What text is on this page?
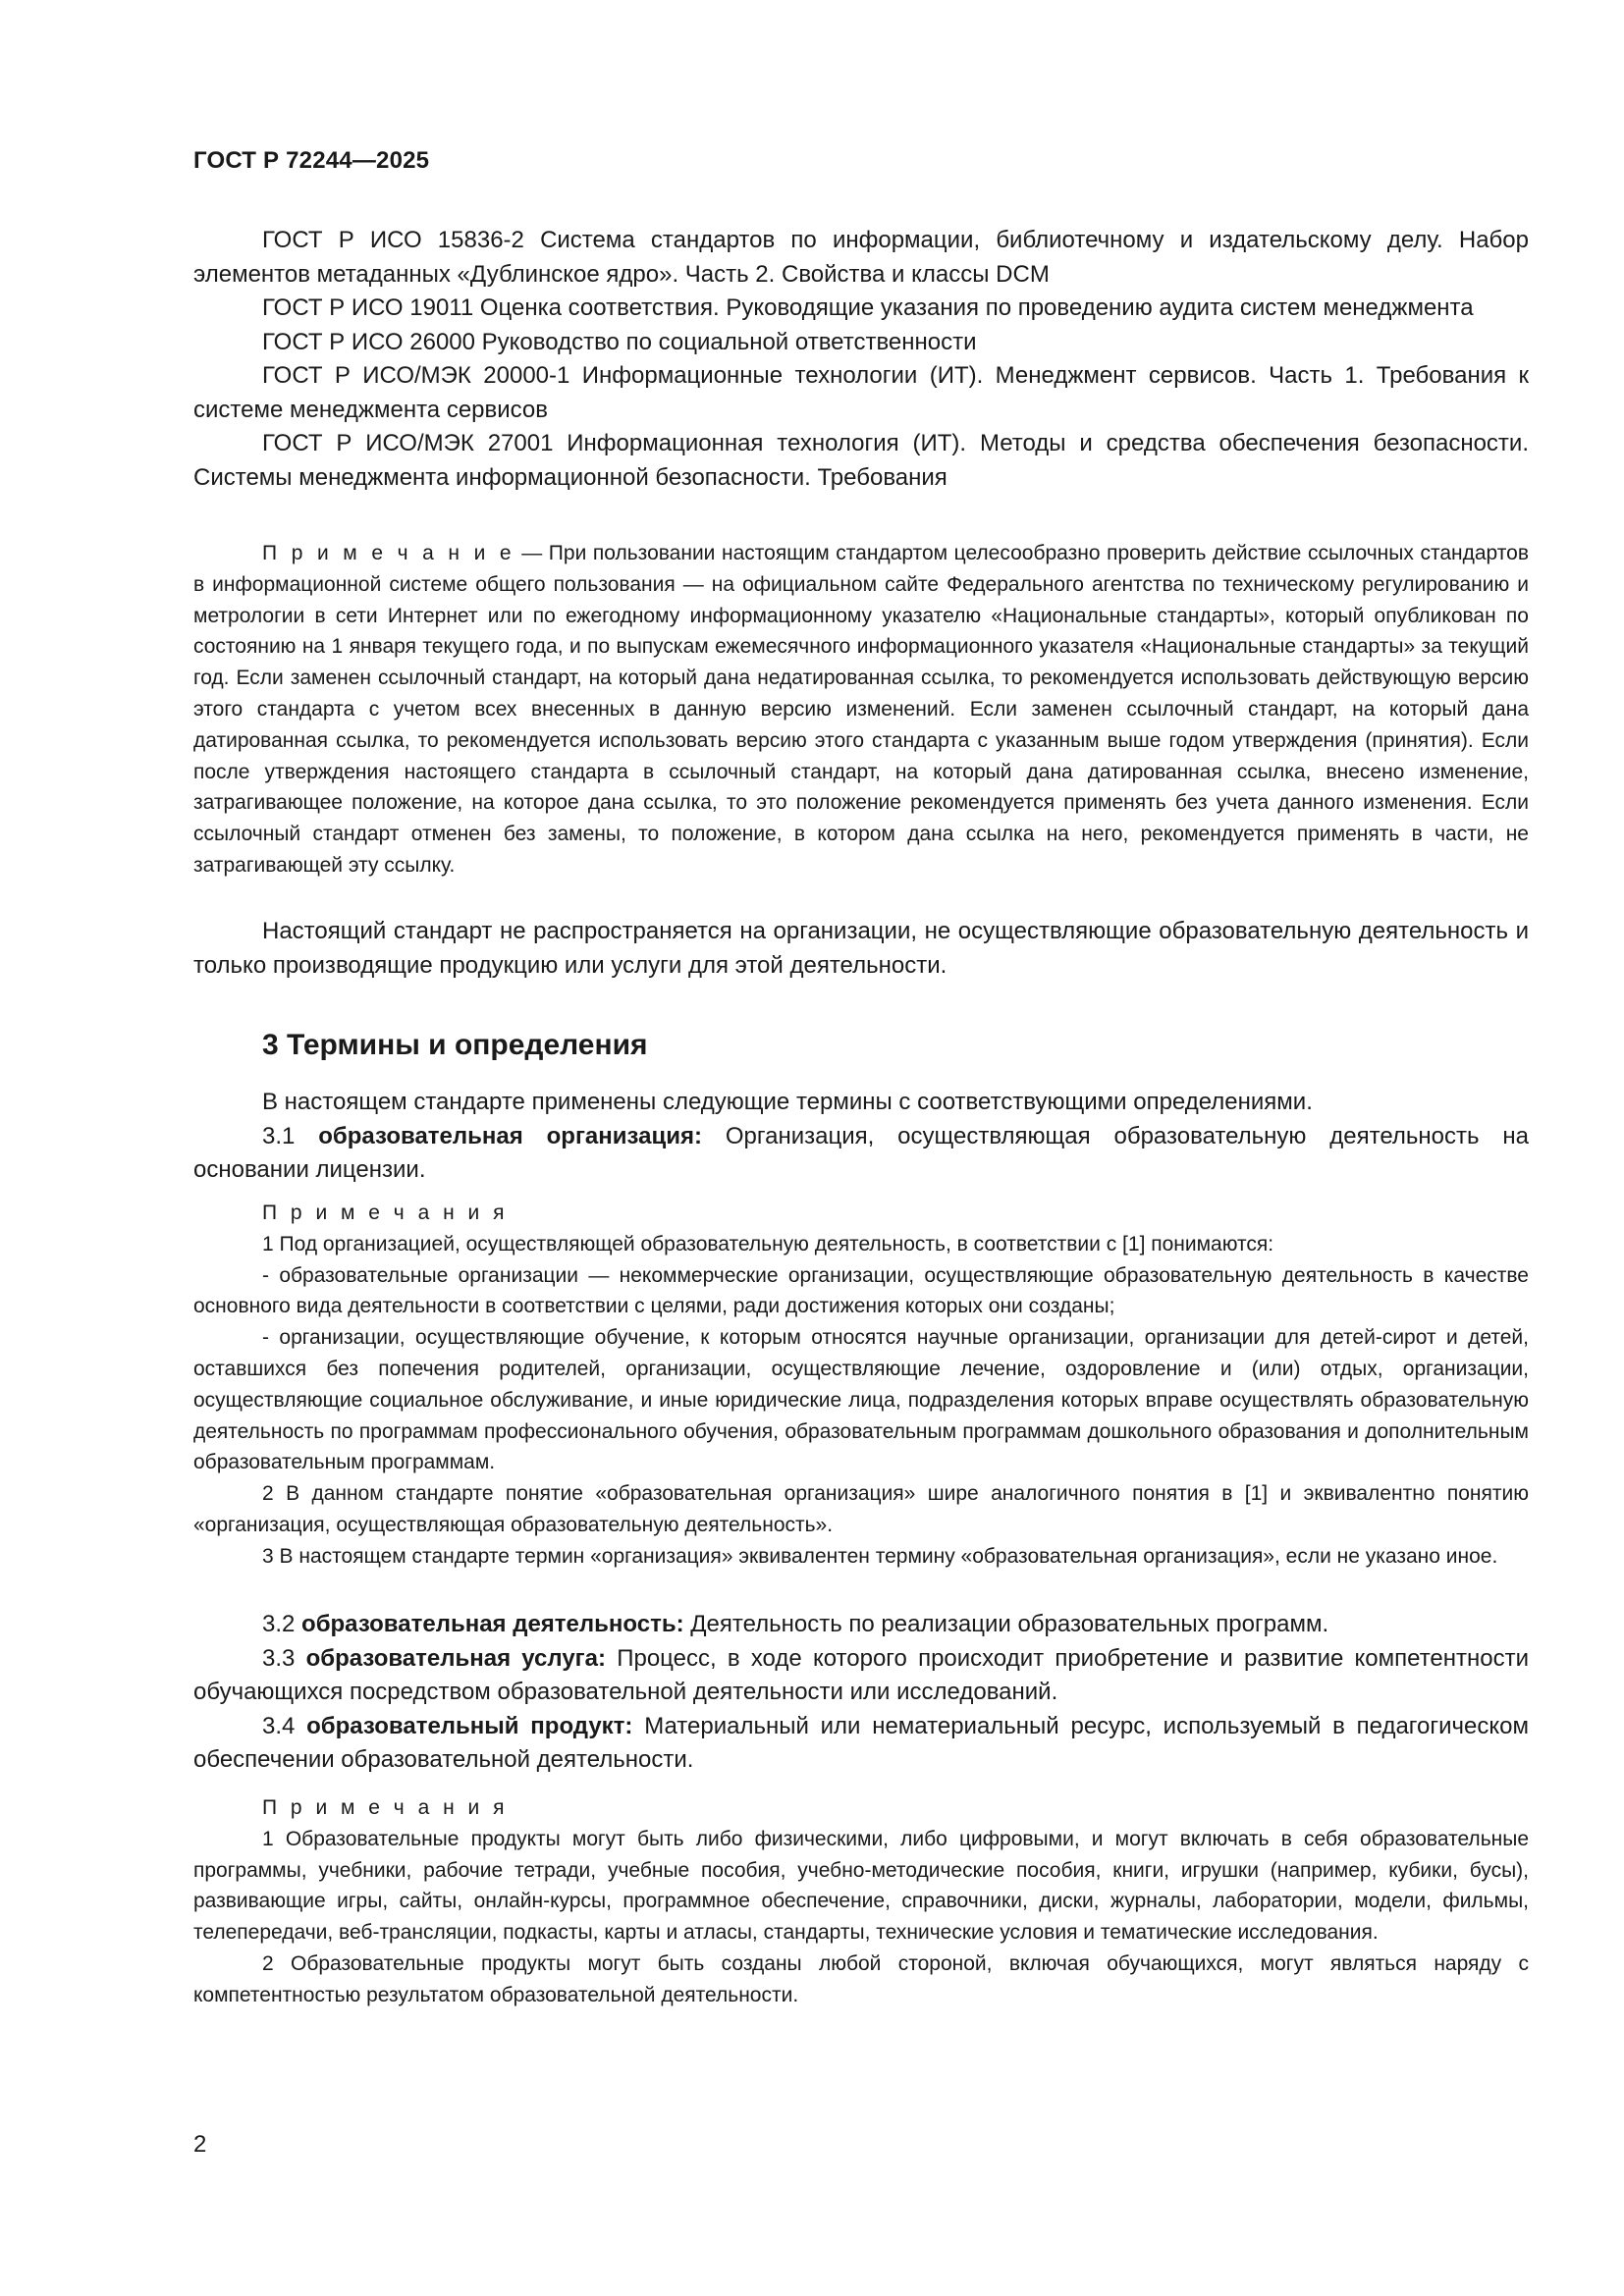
ГОСТ Р 72244—2025

ГОСТ Р ИСО 15836-2 Система стандартов по информации, библиотечному и издательскому делу. Набор элементов метаданных «Дублинское ядро». Часть 2. Свойства и классы DCM

ГОСТ Р ИСО 19011 Оценка соответствия. Руководящие указания по проведению аудита систем менеджмента

ГОСТ Р ИСО 26000 Руководство по социальной ответственности

ГОСТ Р ИСО/МЭК 20000-1 Информационные технологии (ИТ). Менеджмент сервисов. Часть 1. Требования к системе менеджмента сервисов

ГОСТ Р ИСО/МЭК 27001 Информационная технология (ИТ). Методы и средства обеспечения безопасности. Системы менеджмента информационной безопасности. Требования

П р и м е ч а н и е — При пользовании настоящим стандартом целесообразно проверить действие ссылочных стандартов в информационной системе общего пользования — на официальном сайте Федерального агентства по техническому регулированию и метрологии в сети Интернет или по ежегодному информационному указателю «Национальные стандарты», который опубликован по состоянию на 1 января текущего года, и по выпускам ежемесячного информационного указателя «Национальные стандарты» за текущий год. Если заменен ссылочный стандарт, на который дана недатированная ссылка, то рекомендуется использовать действующую версию этого стандарта с учетом всех внесенных в данную версию изменений. Если заменен ссылочный стандарт, на который дана датированная ссылка, то рекомендуется использовать версию этого стандарта с указанным выше годом утверждения (принятия). Если после утверждения настоящего стандарта в ссылочный стандарт, на который дана датированная ссылка, внесено изменение, затрагивающее положение, на которое дана ссылка, то это положение рекомендуется применять без учета данного изменения. Если ссылочный стандарт отменен без замены, то положение, в котором дана ссылка на него, рекомендуется применять в части, не затрагивающей эту ссылку.

Настоящий стандарт не распространяется на организации, не осуществляющие образовательную деятельность и только производящие продукцию или услуги для этой деятельности.

3 Термины и определения

В настоящем стандарте применены следующие термины с соответствующими определениями.

3.1 образовательная организация: Организация, осуществляющая образовательную деятельность на основании лицензии.

П р и м е ч а н и я

1 Под организацией, осуществляющей образовательную деятельность, в соответствии с [1] понимаются:

- образовательные организации — некоммерческие организации, осуществляющие образовательную деятельность в качестве основного вида деятельности в соответствии с целями, ради достижения которых они созданы;

- организации, осуществляющие обучение, к которым относятся научные организации, организации для детей-сирот и детей, оставшихся без попечения родителей, организации, осуществляющие лечение, оздоровление и (или) отдых, организации, осуществляющие социальное обслуживание, и иные юридические лица, подразделения которых вправе осуществлять образовательную деятельность по программам профессионального обучения, образовательным программам дошкольного образования и дополнительным образовательным программам.

2 В данном стандарте понятие «образовательная организация» шире аналогичного понятия в [1] и эквивалентно понятию «организация, осуществляющая образовательную деятельность».

3 В настоящем стандарте термин «организация» эквивалентен термину «образовательная организация», если не указано иное.

3.2 образовательная деятельность: Деятельность по реализации образовательных программ.

3.3 образовательная услуга: Процесс, в ходе которого происходит приобретение и развитие компетентности обучающихся посредством образовательной деятельности или исследований.

3.4 образовательный продукт: Материальный или нематериальный ресурс, используемый в педагогическом обеспечении образовательной деятельности.

П р и м е ч а н и я

1 Образовательные продукты могут быть либо физическими, либо цифровыми, и могут включать в себя образовательные программы, учебники, рабочие тетради, учебные пособия, учебно-методические пособия, книги, игрушки (например, кубики, бусы), развивающие игры, сайты, онлайн-курсы, программное обеспечение, справочники, диски, журналы, лаборатории, модели, фильмы, телепередачи, веб-трансляции, подкасты, карты и атласы, стандарты, технические условия и тематические исследования.

2 Образовательные продукты могут быть созданы любой стороной, включая обучающихся, могут являться наряду с компетентностью результатом образовательной деятельности.

2
